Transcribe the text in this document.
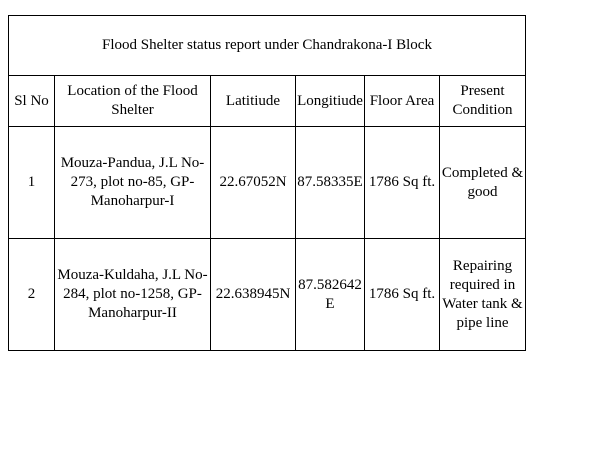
Flood Shelter status report under Chandrakona-I Block					
Sl No	Location of the Flood Shelter	Latitiude	Longitiude	Floor Area	Present Condition

1	Mouza-Pandua, J.L No-273, plot no-85, GP-Manoharpur-I	22.67052N	87.58335E	1786 Sq ft.	Completed & good

2	Mouza-Kuldaha, J.L No-284, plot no-1258, GP-Manoharpur-II	22.638945N	87.582642E	1786 Sq ft.	Repairing required in Water tank & pipe line
